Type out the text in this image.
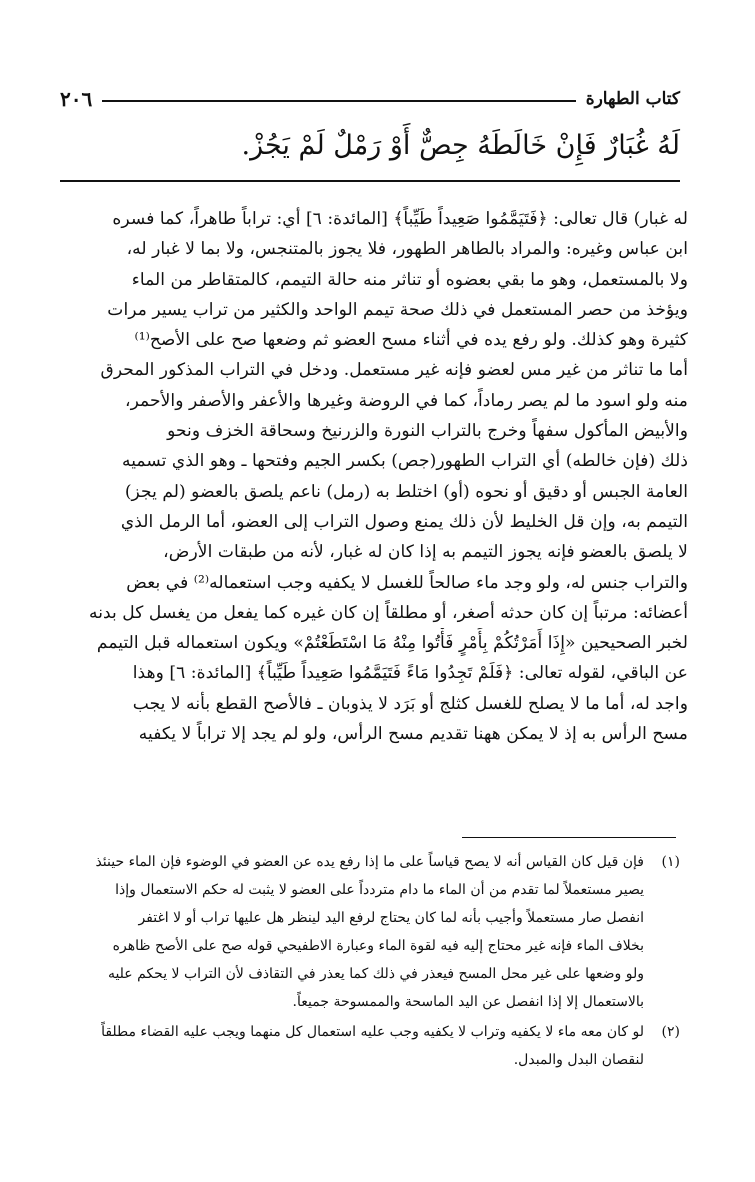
كتاب الطهارة
٢٠٦
لَهُ غُبَارٌ فَإِنْ خَالَطَهُ جِصٌّ أَوْ رَمْلٌ لَمْ يَجُزْ.
له غبار) قال تعالى: ﴿فَتَيَمَّمُوا صَعِيداً طَيِّباً﴾ [المائدة: ٦] أي: تراباً طاهراً، كما فسره
ابن عباس وغيره: والمراد بالطاهر الطهور، فلا يجوز بالمتنجس، ولا بما لا غبار له،
ولا بالمستعمل، وهو ما بقي بعضوه أو تناثر منه حالة التيمم، كالمتقاطر من الماء
ويؤخذ من حصر المستعمل في ذلك صحة تيمم الواحد والكثير من تراب يسير مرات
كثيرة وهو كذلك. ولو رفع يده في أثناء مسح العضو ثم وضعها صح على الأصح⁽¹⁾
أما ما تناثر من غير مس لعضو فإنه غير مستعمل. ودخل في التراب المذكور المحرق
منه ولو اسود ما لم يصر رماداً، كما في الروضة وغيرها والأعفر والأصفر والأحمر،
والأبيض المأكول سفهاً وخرج بالتراب النورة والزرنيخ وسحاقة الخزف ونحو
ذلك (فإن خالطه) أي التراب الطهور(جص) بكسر الجيم وفتحها ـ وهو الذي تسميه
العامة الجبس أو دقيق أو نحوه (أو) اختلط به (رمل) ناعم يلصق بالعضو (لم يجز)
التيمم به، وإن قل الخليط لأن ذلك يمنع وصول التراب إلى العضو، أما الرمل الذي
لا يلصق بالعضو فإنه يجوز التيمم به إذا كان له غبار، لأنه من طبقات الأرض،
والتراب جنس له، ولو وجد ماء صالحاً للغسل لا يكفيه وجب استعماله⁽²⁾ في بعض
أعضائه: مرتباً إن كان حدثه أصغر، أو مطلقاً إن كان غيره كما يفعل من يغسل كل بدنه
لخبر الصحيحين «إِذَا أَمَرْتُكُمْ بِأَمْرٍ فَأْتُوا مِنْهُ مَا اسْتَطَعْتُمْ» ويكون استعماله قبل التيمم
عن الباقي، لقوله تعالى: ﴿فَلَمْ تَجِدُوا مَاءً فَتَيَمَّمُوا صَعِيداً طَيِّباً﴾ [المائدة: ٦] وهذا
واجد له، أما ما لا يصلح للغسل كثلج أو بَرَد لا يذوبان ـ فالأصح القطع بأنه لا يجب
مسح الرأس به إذ لا يمكن ههنا تقديم مسح الرأس، ولو لم يجد إلا تراباً لا يكفيه
(١)
فإن قيل كان القياس أنه لا يصح قياساً على ما إذا رفع يده عن العضو في الوضوء فإن الماء حينئذ
يصير مستعملاً لما تقدم من أن الماء ما دام متردداً على العضو لا يثبت له حكم الاستعمال وإذا
انفصل صار مستعملاً وأجيب بأنه لما كان يحتاج لرفع اليد لينظر هل عليها تراب أو لا اغتفر
بخلاف الماء فإنه غير محتاج إليه فيه لقوة الماء وعبارة الاطفيحي قوله صح على الأصح ظاهره
ولو وضعها على غير محل المسح فيعذر في ذلك كما يعذر في التقاذف لأن التراب لا يحكم عليه
بالاستعمال إلا إذا انفصل عن اليد الماسحة والممسوحة جميعاً.
(٢)
لو كان معه ماء لا يكفيه وتراب لا يكفيه وجب عليه استعمال كل منهما ويجب عليه القضاء مطلقاً
لنقصان البدل والمبدل.
